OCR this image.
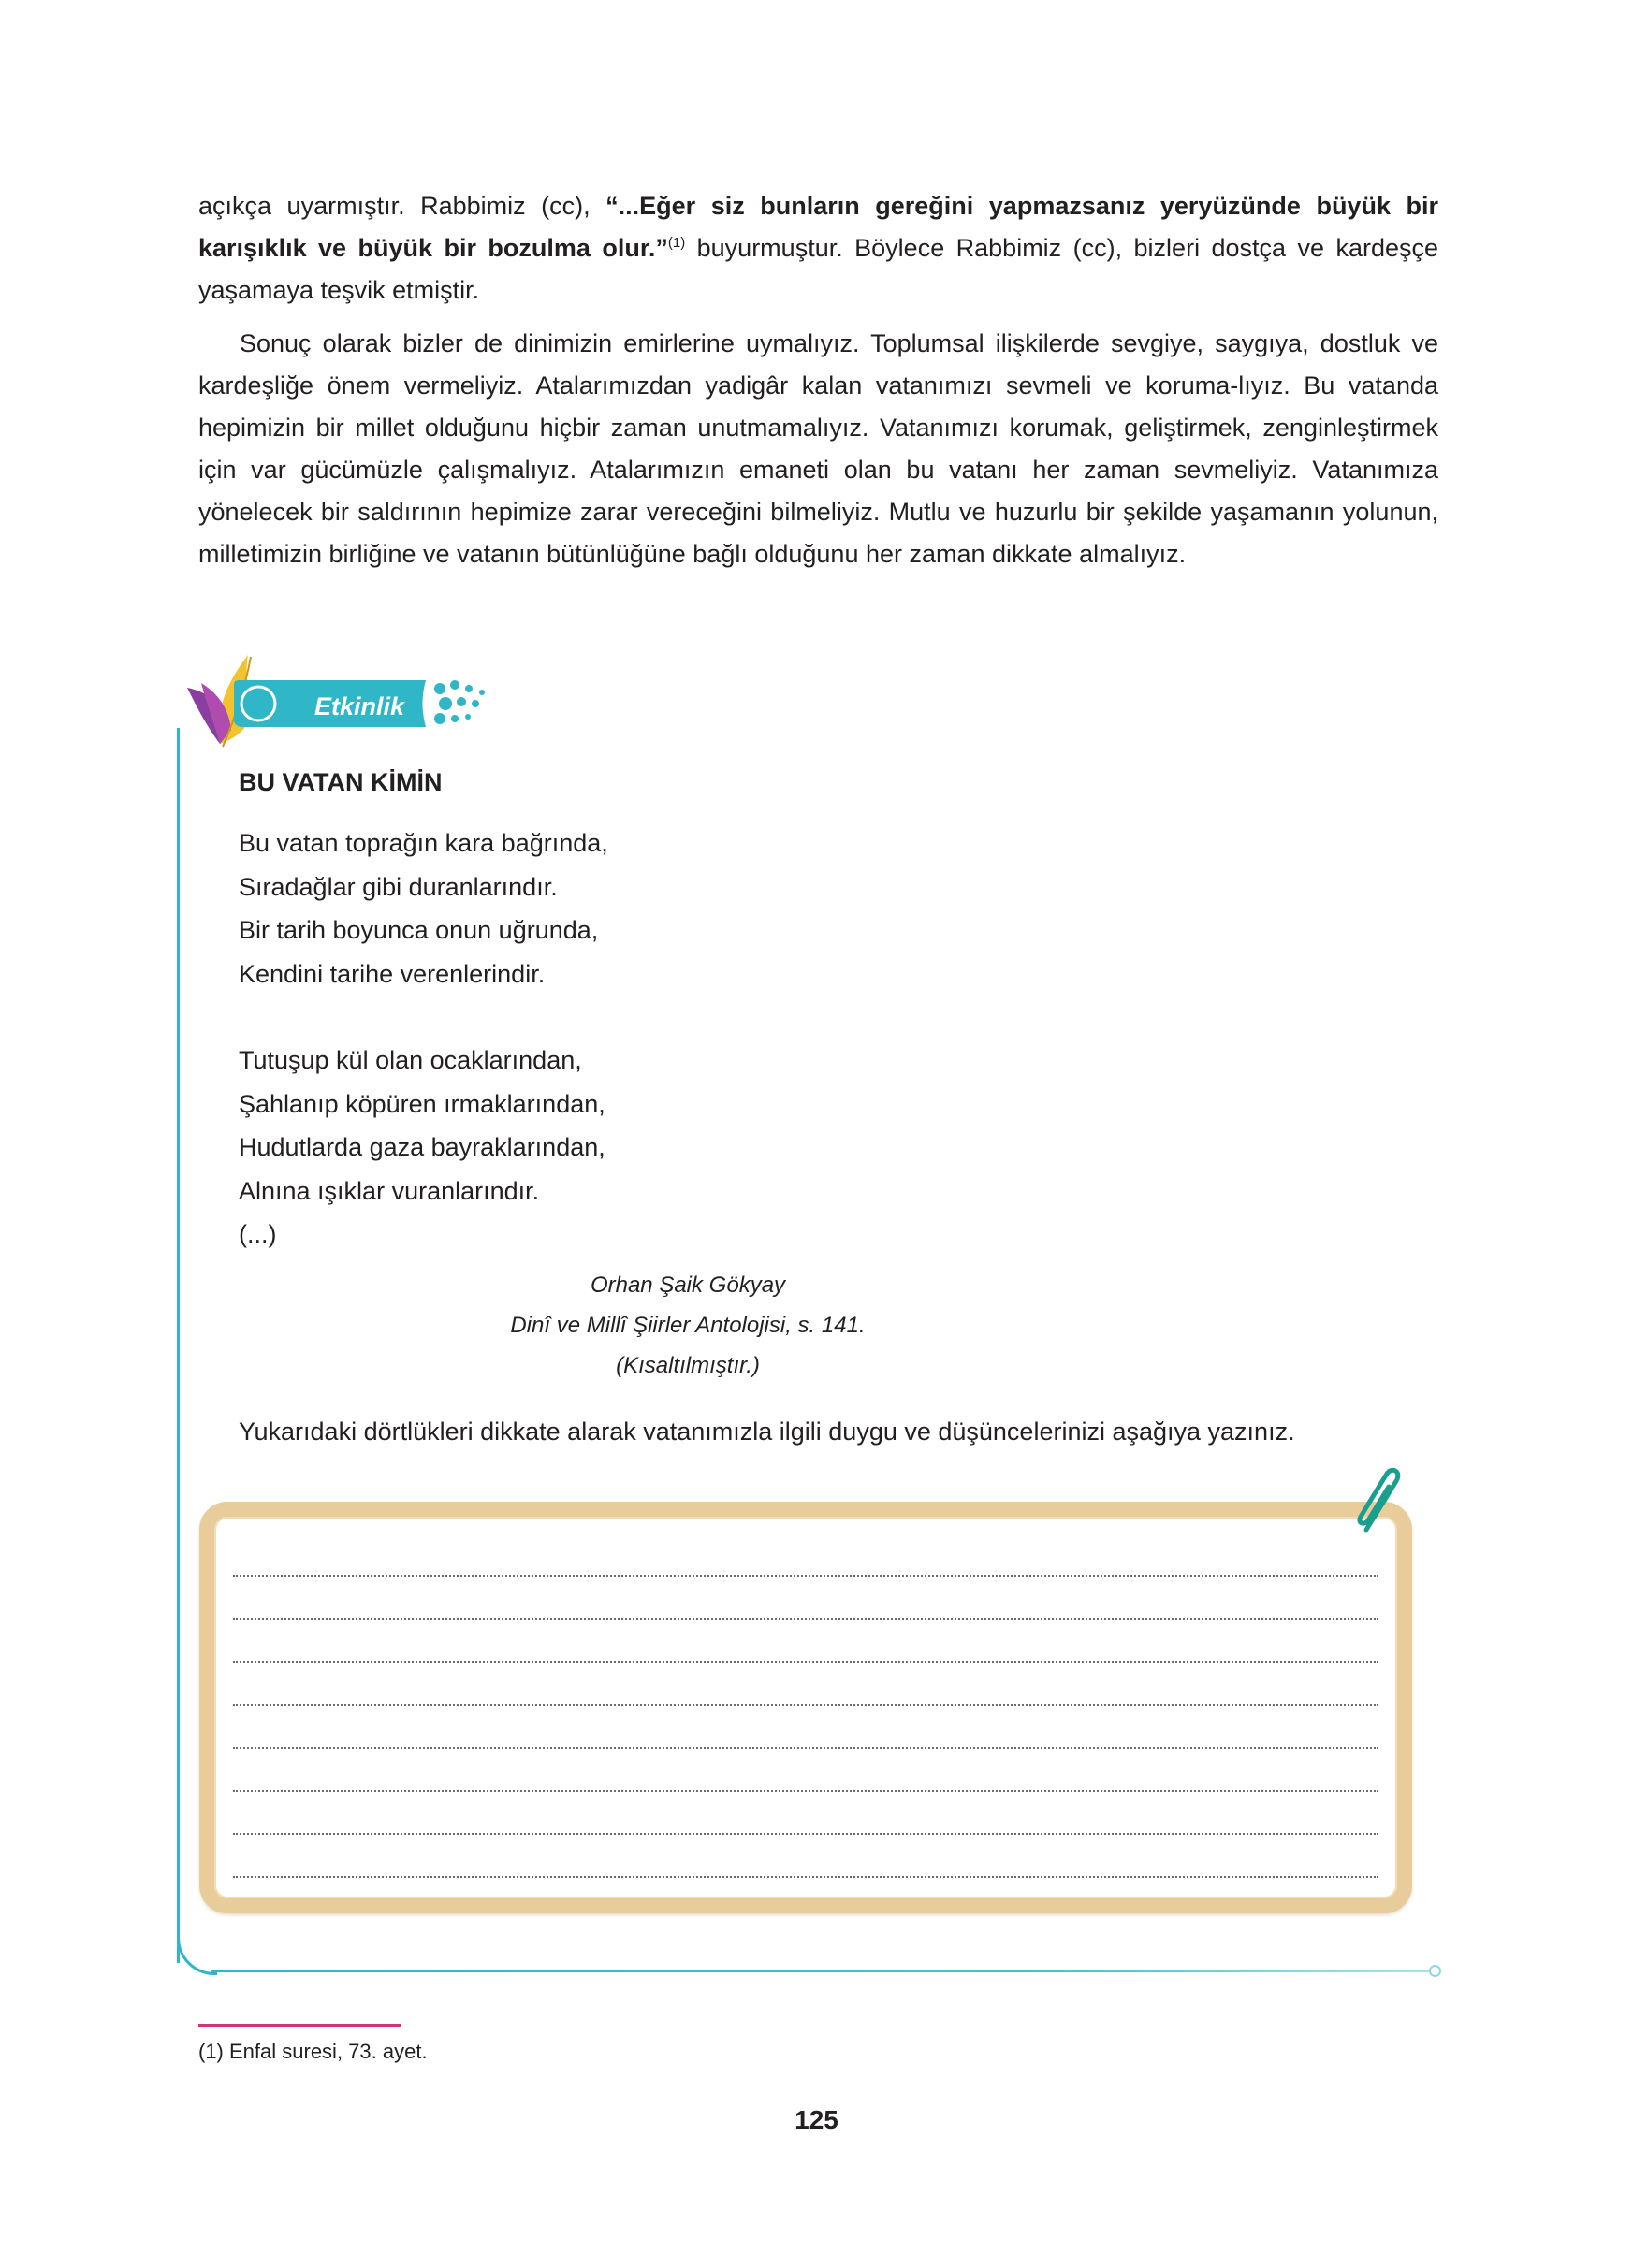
açıkça uyarmıştır. Rabbimiz (cc), “...Eğer siz bunların gereğini yapmazsanız yeryüzünde büyük bir karışıklık ve büyük bir bozulma olur.”$^{(1)}$ buyurmuştur. Böylece Rabbimiz (cc), bizleri dostça ve kardeşçe yaşamaya teşvik etmiştir.

Sonuç olarak bizler de dinimizin emirlerine uymalıyız. Toplumsal ilişkilerde sevgiye, saygıya, dostluk ve kardeşliğe önem vermeliyiz. Atalarımızdan yadigâr kalan vatanımızı sevmeli ve koruma-lıyız. Bu vatanda hepimizin bir millet olduğunu hiçbir zaman unutmamalıyız. Vatanımızı korumak, geliştirmek, zenginleştirmek için var gücümüzle çalışmalıyız. Atalarımızın emaneti olan bu vatanı her zaman sevmeliyiz. Vatanımıza yönelecek bir saldırının hepimize zarar vereceğini bilmeliyiz. Mutlu ve huzurlu bir şekilde yaşamanın yolunun, milletimizin birliğine ve vatanın bütünlüğüne bağlı olduğunu her zaman dikkate almalıyız.

Etkinlik
BU VATAN KİMİN
Bu vatan toprağın kara bağrında,
Sıradağlar gibi duranlarındır.
Bir tarih boyunca onun uğrunda,
Kendini tarihe verenlerindir.
Tutuşup kül olan ocaklarından,
Şahlanıp köpüren ırmaklarından,
Hudutlarda gaza bayraklarından,
Alnına ışıklar vuranlarındır.
(...)
Orhan Şaik Gökyay
Dinî ve Millî Şiirler Antolojisi, s. 141.
(Kısaltılmıştır.)
Yukarıdaki dörtlükleri dikkate alarak vatanımızla ilgili duygu ve düşüncelerinizi aşağıya yazınız.
(1) Enfal suresi, 73. ayet.
125
